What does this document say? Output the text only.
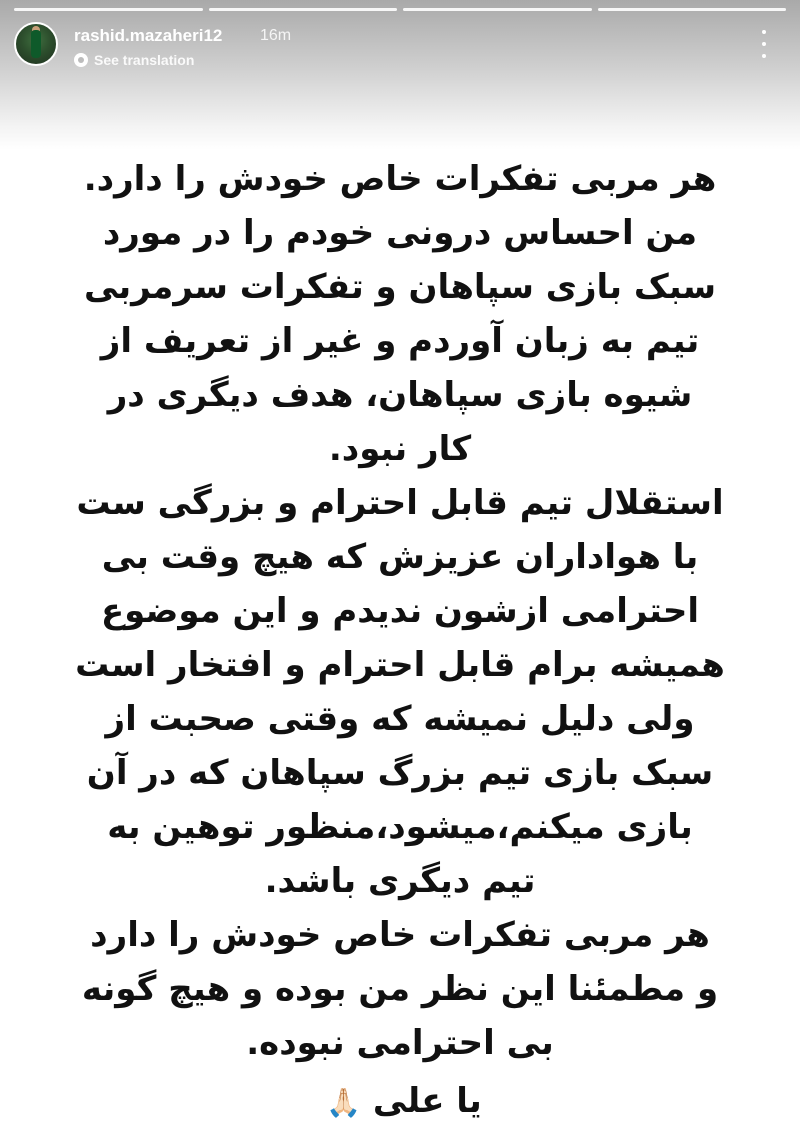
rashid.mazaheri12 16m
See translation
هر مربی تفکرات خاص خودش را دارد.
من احساس درونی خودم را در مورد
سبک بازی سپاهان و تفکرات سرمربی
تیم به زبان آوردم و غیر از تعریف از
شیوه بازی سپاهان، هدف دیگری در
کار نبود.
استقلال تیم قابل احترام و بزرگی ست
با هواداران عزیزش که هیچ وقت بی
احترامی ازشون ندیدم و این موضوع
همیشه برام قابل احترام و افتخار است
ولی دلیل نمیشه که وقتی صحبت از
سبک بازی تیم بزرگ سپاهان که در آن
بازی میکنم،میشود،منظور توهین به
تیم دیگری باشد.
هر مربی تفکرات خاص خودش را دارد
و مطمئنا این نظر من بوده و هیچ گونه
بی احترامی نبوده.
یا علی 🙏🏻
